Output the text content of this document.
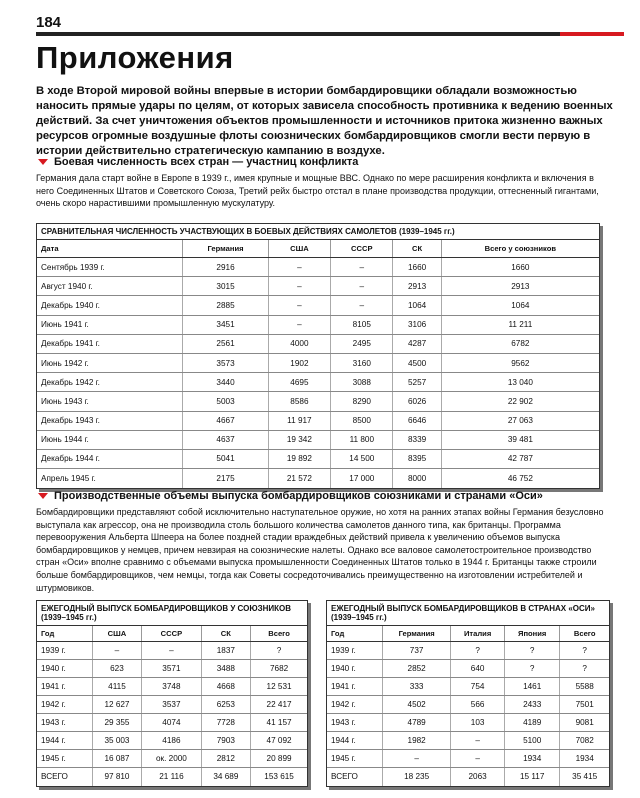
184
Приложения
В ходе Второй мировой войны впервые в истории бомбардировщики обладали возможностью наносить прямые удары по целям, от которых зависела способность противника к ведению военных действий. За счет уничтожения объектов промышленности и источников притока жизненно важных ресурсов огромные воздушные флоты союзнических бомбардировщиков смогли вести первую в истории действительно стратегическую кампанию в воздухе.
Боевая численность всех стран — участниц конфликта
Германия дала старт войне в Европе в 1939 г., имея крупные и мощные ВВС. Однако по мере расширения конфликта и включения в него Соединенных Штатов и Советского Союза, Третий рейх быстро отстал в плане производства продукции, оттесненный гигантами, очень скоро нарастившими промышленную мускулатуру.
СРАВНИТЕЛЬНАЯ ЧИСЛЕННОСТЬ УЧАСТВУЮЩИХ В БОЕВЫХ ДЕЙСТВИЯХ САМОЛЕТОВ (1939–1945 гг.)
Дата	Германия	США	СССР	СК	Всего у союзников
Сентябрь 1939 г.	2916	–	–	1660	1660
Август 1940 г.	3015	–	–	2913	2913
Декабрь 1940 г.	2885	–	–	1064	1064
Июнь 1941 г.	3451	–	8105	3106	11 211
Декабрь 1941 г.	2561	4000	2495	4287	6782
Июнь 1942 г.	3573	1902	3160	4500	9562
Декабрь 1942 г.	3440	4695	3088	5257	13 040
Июнь 1943 г.	5003	8586	8290	6026	22 902
Декабрь 1943 г.	4667	11 917	8500	6646	27 063
Июнь 1944 г.	4637	19 342	11 800	8339	39 481
Декабрь 1944 г.	5041	19 892	14 500	8395	42 787
Апрель 1945 г.	2175	21 572	17 000	8000	46 752
Производственные объемы выпуска бомбардировщиков союзниками и странами «Оси»
Бомбардировщики представляют собой исключительно наступательное оружие, но хотя на ранних этапах войны Германия безусловно выступала как агрессор, она не производила столь большого количества самолетов данного типа, как британцы. Программа перевооружения Альберта Шпеера на более поздней стадии враждебных действий привела к увеличению объемов выпуска бомбардировщиков у немцев, причем невзирая на союзнические налеты. Однако все валовое самолетостроительное производство стран «Оси» вполне сравнимо с объемами выпуска промышленности Соединенных Штатов только в 1944 г. Британцы также строили больше бомбардировщиков, чем немцы, тогда как Советы сосредоточивались преимущественно на изготовлении истребителей и штурмовиков.
ЕЖЕГОДНЫЙ ВЫПУСК БОМБАРДИРОВЩИКОВ У СОЮЗНИКОВ (1939–1945 гг.)
Год	США	СССР	СК	Всего
1939 г.	–	–	1837	?
1940 г.	623	3571	3488	7682
1941 г.	4115	3748	4668	12 531
1942 г.	12 627	3537	6253	22 417
1943 г.	29 355	4074	7728	41 157
1944 г.	35 003	4186	7903	47 092
1945 г.	16 087	ок. 2000	2812	20 899
ВСЕГО	97 810	21 116	34 689	153 615
ЕЖЕГОДНЫЙ ВЫПУСК БОМБАРДИРОВЩИКОВ В СТРАНАХ «ОСИ» (1939–1945 гг.)
Год	Германия	Италия	Япония	Всего
1939 г.	737	?	?	?
1940 г.	2852	640	?	?
1941 г.	333	754	1461	5588
1942 г.	4502	566	2433	7501
1943 г.	4789	103	4189	9081
1944 г.	1982	–	5100	7082
1945 г.	–	–	1934	1934
ВСЕГО	18 235	2063	15 117	35 415
